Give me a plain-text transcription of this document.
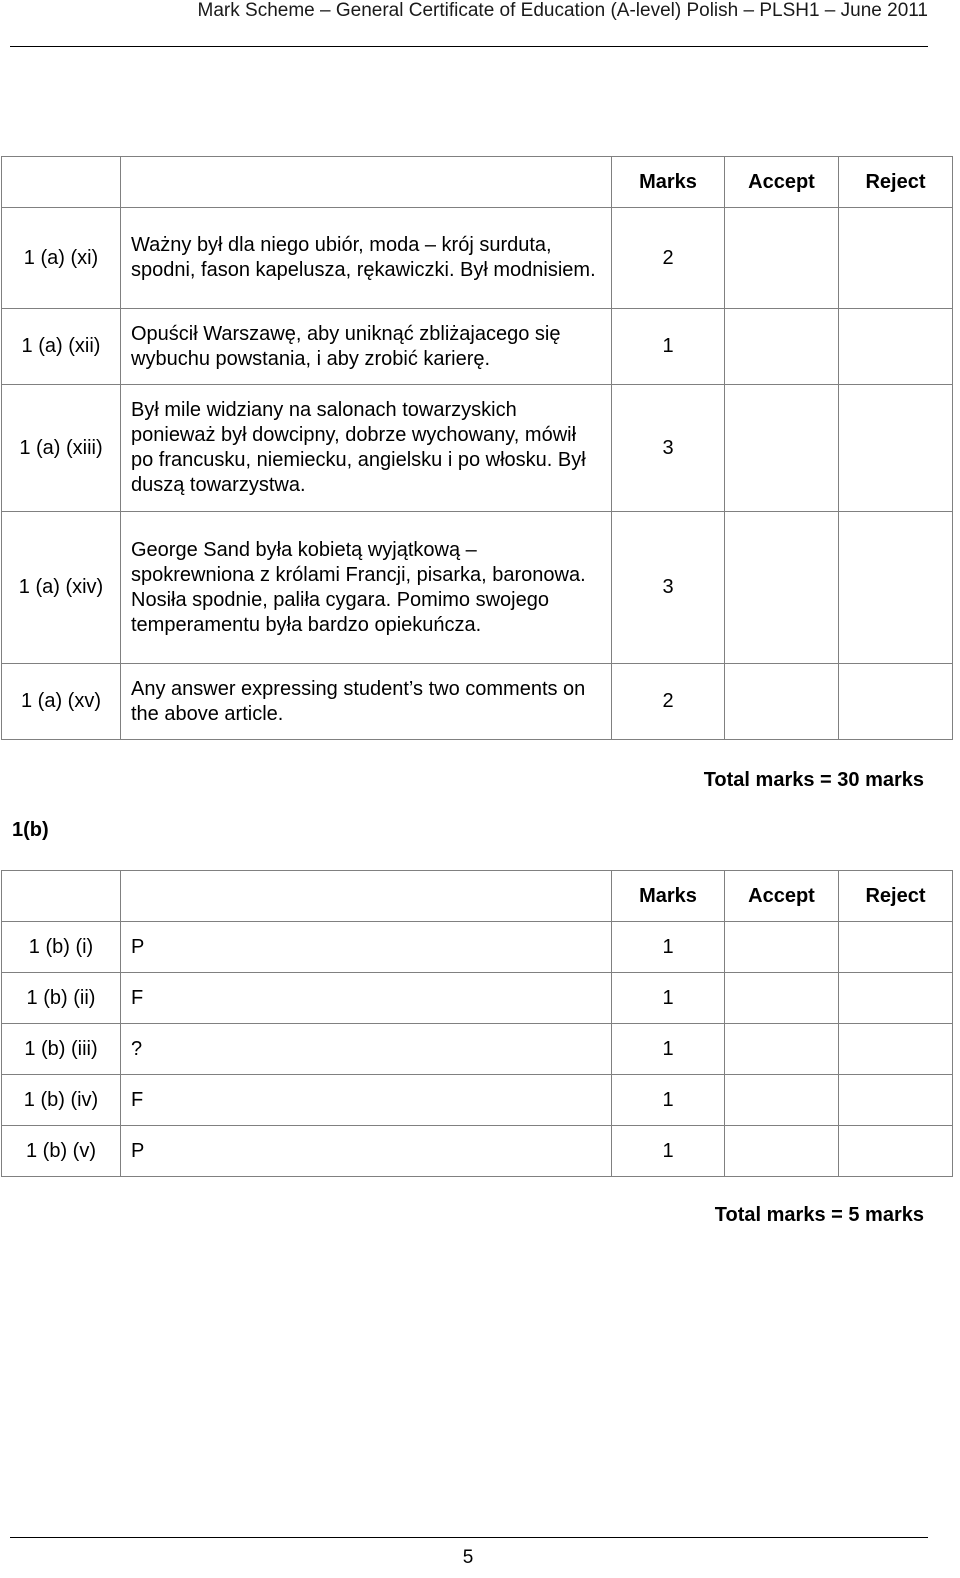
Mark Scheme – General Certificate of Education (A-level) Polish – PLSH1 – June 2011
		Marks	Accept	Reject
1 (a) (xi)	Ważny był dla niego ubiór, moda – krój surduta, spodni, fason kapelusza, rękawiczki. Był modnisiem.	2		
1 (a) (xii)	Opuścił Warszawę, aby uniknąć zbliżajacego się wybuchu powstania, i aby zrobić karierę.	1		
1 (a) (xiii)	Był mile widziany na salonach towarzyskich ponieważ był dowcipny, dobrze wychowany, mówił po francusku, niemiecku, angielsku i po włosku. Był duszą towarzystwa.	3		
1 (a) (xiv)	George Sand była kobietą wyjątkową – spokrewniona z królami Francji, pisarka, baronowa. Nosiła spodnie, paliła cygara. Pomimo swojego temperamentu była bardzo opiekuńcza.	3		
1 (a) (xv)	Any answer expressing student’s two comments on the above article.	2		
Total marks = 30 marks
1(b)
		Marks	Accept	Reject
1 (b) (i)	P	1		
1 (b) (ii)	F	1		
1 (b) (iii)	?	1		
1 (b) (iv)	F	1		
1 (b) (v)	P	1		
Total marks = 5 marks
5
